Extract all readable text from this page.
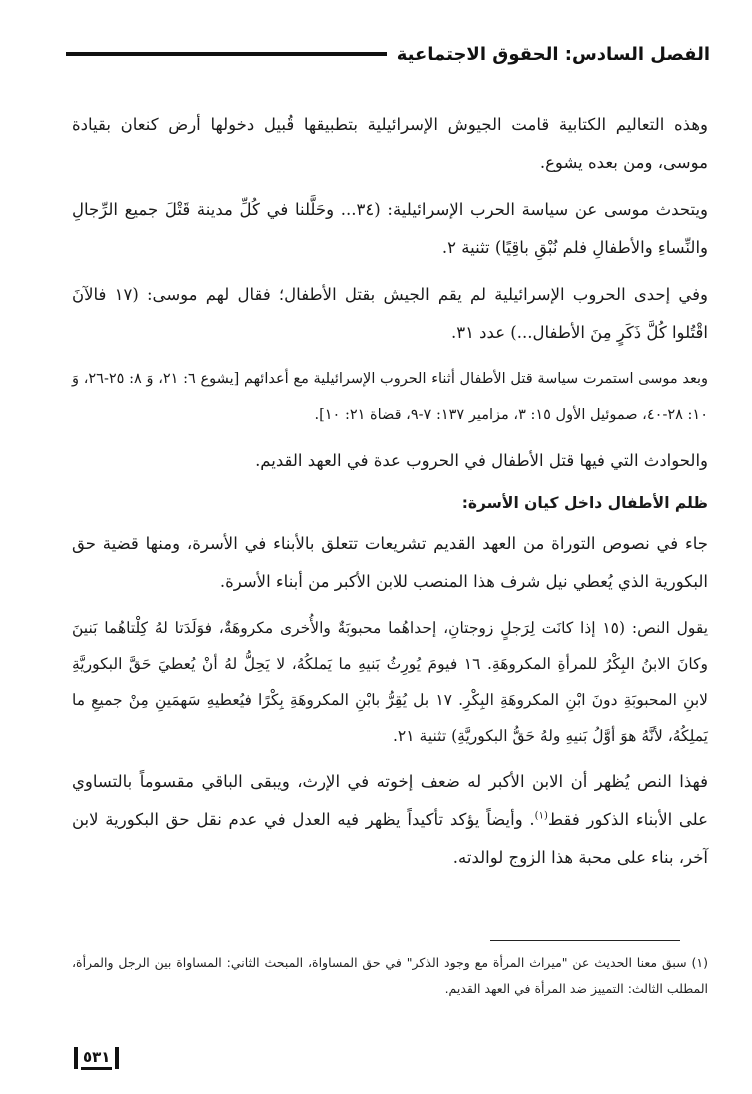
الفصل السادس: الحقوق الاجتماعية

وهذه التعاليم الكتابية قامت الجيوش الإسرائيلية بتطبيقها قُبيل دخولها أرض كنعان بقيادة موسى، ومن بعده يشوع.

ويتحدث موسى عن سياسة الحرب الإسرائيلية: (٣٤... وحَلَّلنا في كُلِّ مدينة قَتْلَ جميع الرِّجالِ والنِّساءِ والأطفالِ فلم نُبْقِ باقِيًا) تثنية ٢.

وفي إحدى الحروب الإسرائيلية لم يقم الجيش بقتل الأطفال؛ فقال لهم موسى: (١٧ فالآنَ اقْتُلوا كُلَّ ذَكَرٍ مِنَ الأطفال...) عدد ٣١.

وبعد موسى استمرت سياسة قتل الأطفال أثناء الحروب الإسرائيلية مع أعدائهم [يشوع ٦: ٢١، وَ ٨: ٢٥-٢٦، وَ ١٠: ٢٨-٤٠، صموئيل الأول ١٥: ٣، مزامير ١٣٧: ٧-٩، قضاة ٢١: ١٠].

والحوادث التي فيها قتل الأطفال في الحروب عدة في العهد القديم.

ظلم الأطفال داخل كيان الأسرة:

جاء في نصوص التوراة من العهد القديم تشريعات تتعلق بالأبناء في الأسرة، ومنها قضية حق البكورية الذي يُعطي نيل شرف هذا المنصب للابن الأكبر من أبناء الأسرة.

يقول النص: (١٥ إذا كانَت لِرَجلٍ زوجتانِ، إحداهُما محبوبَةٌ والأُخرى مكروهَةٌ، فوَلَدَتا لهُ كِلْتاهُما بَنينَ وكانَ الابنُ البِكْرُ للمرأةِ المكروهَةِ. ١٦ فيومَ يُورِثُ بَنيهِ ما يَملكُهُ، لا يَحِلُّ لهُ أنْ يُعطيَ حَقَّ البكوريَّةِ لابنِ المحبوبَةِ دونَ ابْنِ المكروهَةِ البِكْرِ. ١٧ بل يُقِرُّ بابْنِ المكروهَةِ بِكْرًا فيُعطيهِ سَهمَينِ مِنْ جميعِ ما يَملِكُهُ، لأنَّهُ هوَ أوَّلُ بَنيهِ ولهُ حَقُّ البكوريَّةِ) تثنية ٢١.

فهذا النص يُظهر أن الابن الأكبر له ضعف إخوته في الإرث، ويبقى الباقي مقسوماً بالتساوي على الأبناء الذكور فقط$^{(١)}$. وأيضاً يؤكد تأكيداً يظهر فيه العدل في عدم نقل حق البكورية لابن آخر، بناء على محبة هذا الزوج لوالدته.

(١) سبق معنا الحديث عن "ميراث المرأة مع وجود الذكر" في حق المساواة، المبحث الثاني: المساواة بين الرجل والمرأة، المطلب الثالث: التمييز ضد المرأة في العهد القديم.
٥٣١
